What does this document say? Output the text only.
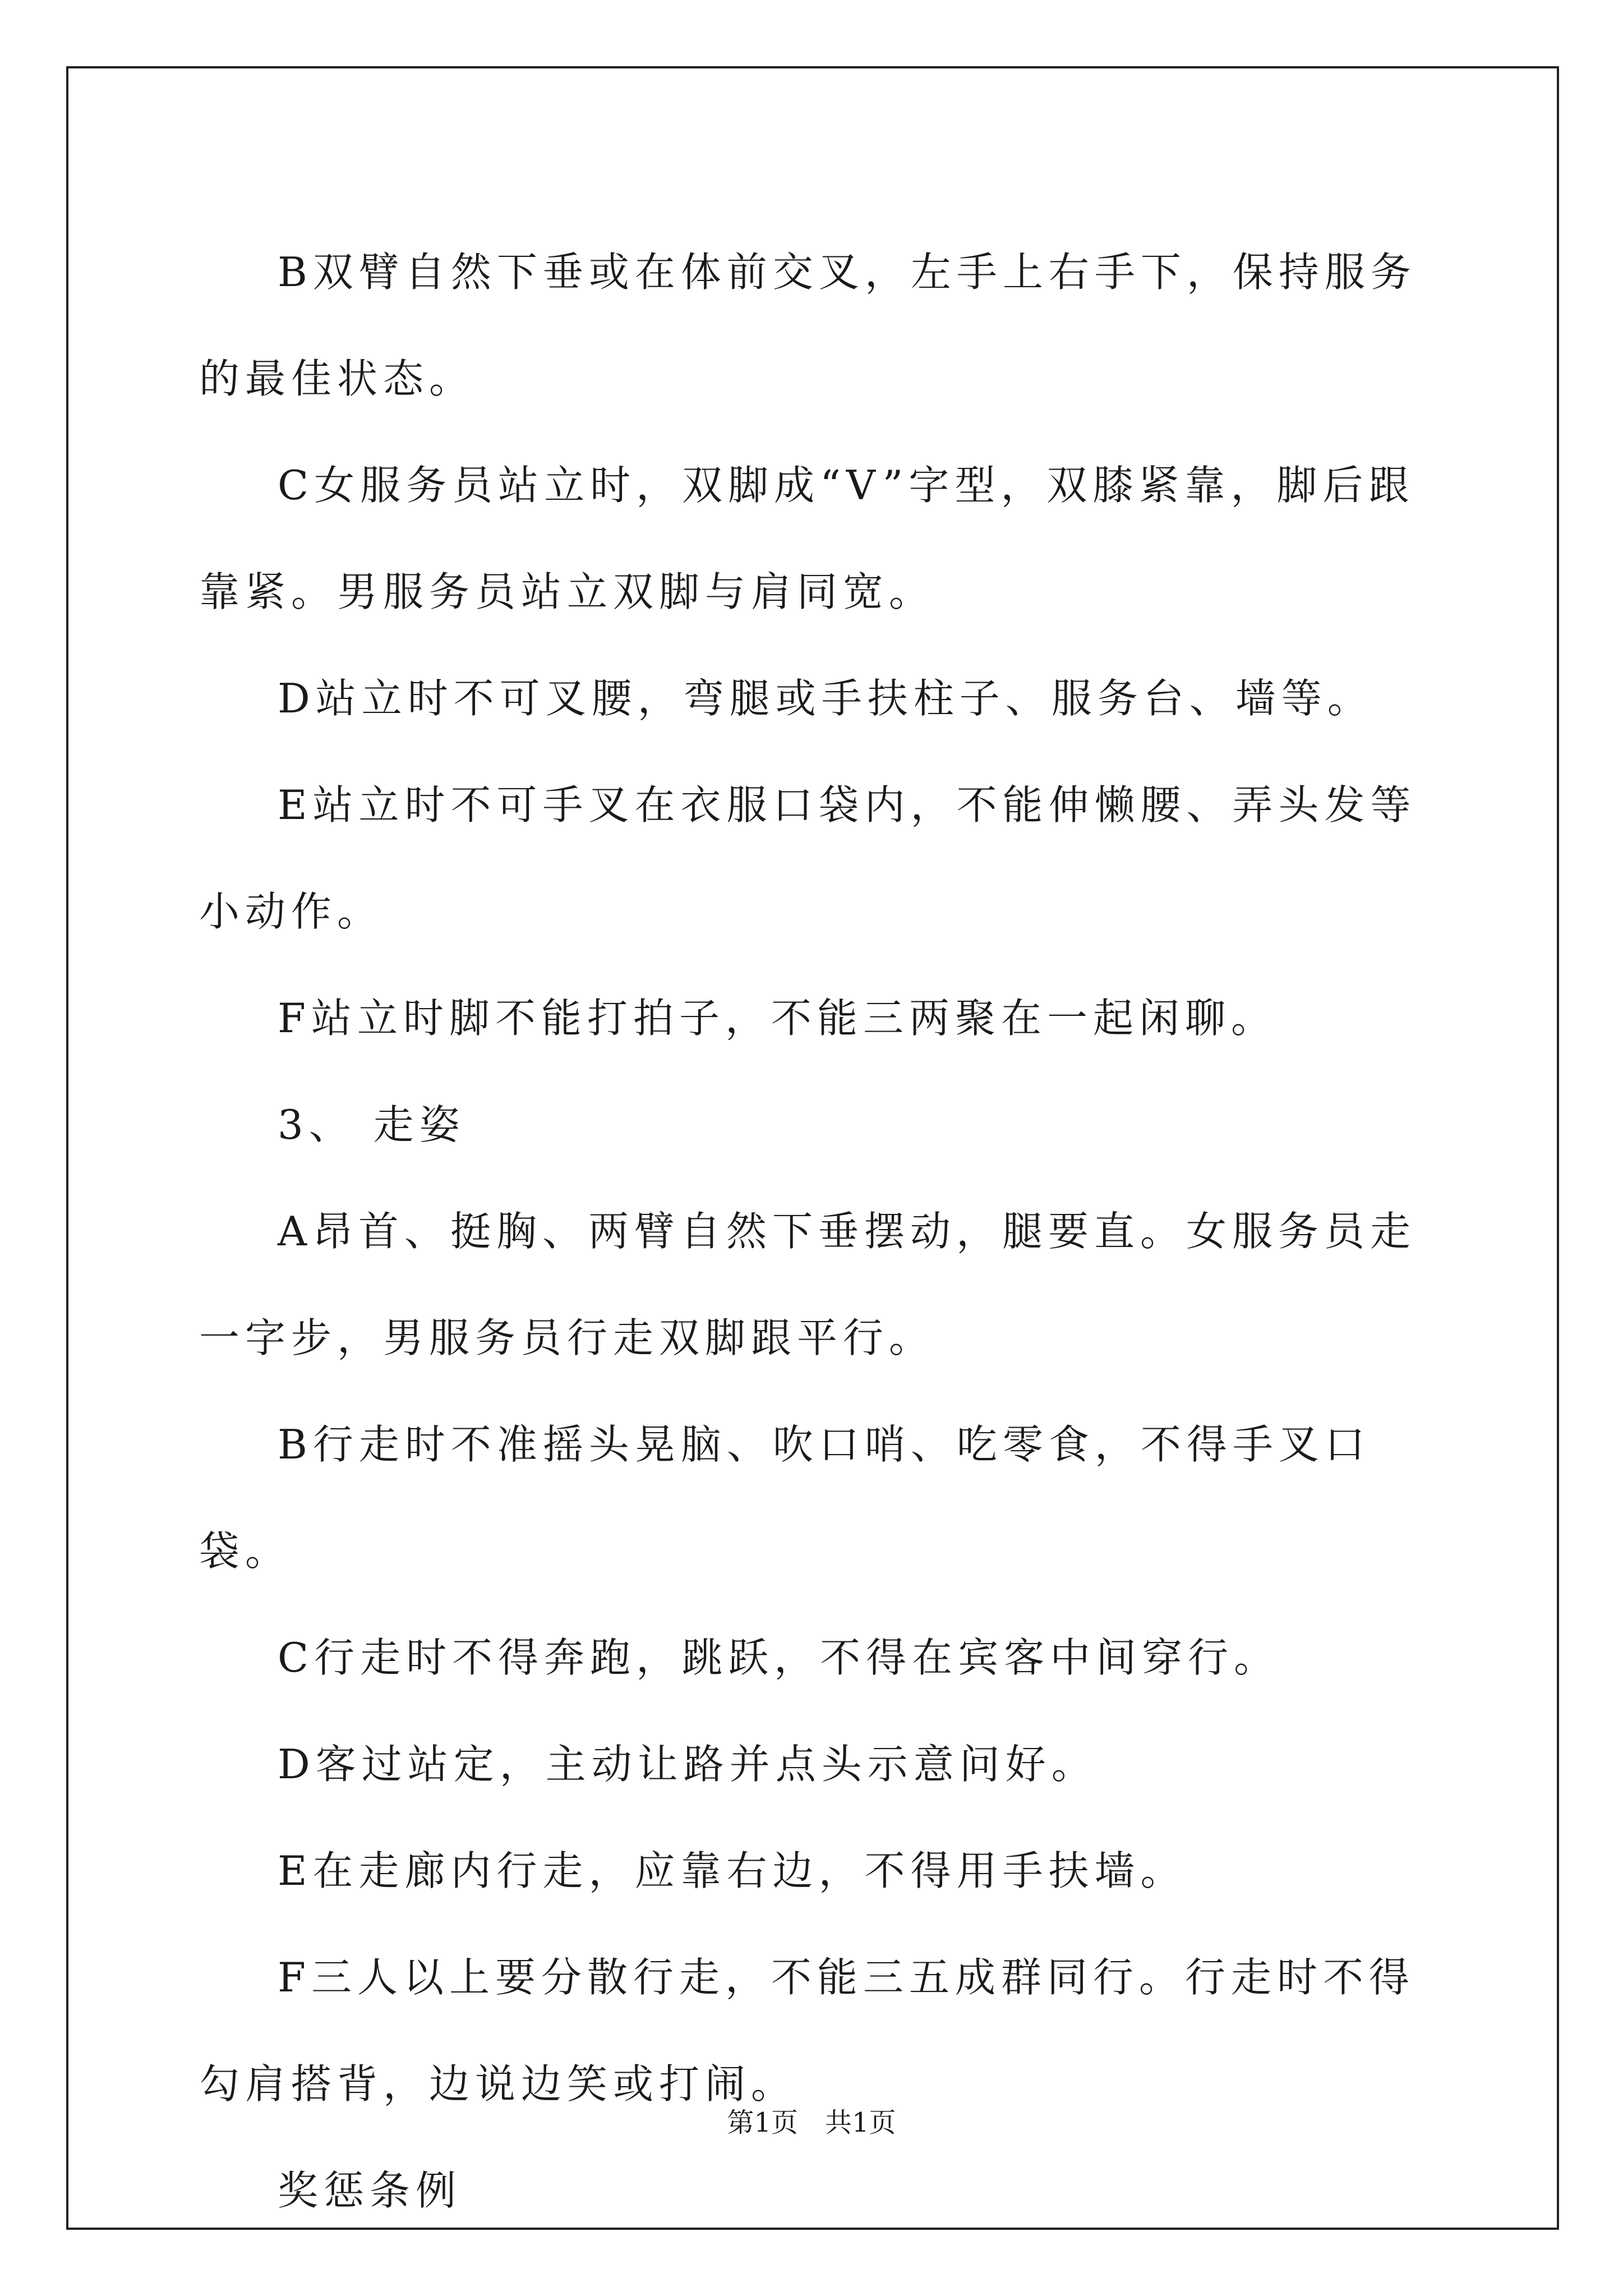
B双臂自然下垂或在体前交叉，左手上右手下，保持服务的最佳状态。

C女服务员站立时，双脚成“V”字型，双膝紧靠，脚后跟靠紧。男服务员站立双脚与肩同宽。

D站立时不可叉腰，弯腿或手扶柱子、服务台、墙等。

E站立时不可手叉在衣服口袋内，不能伸懒腰、弄头发等小动作。

F站立时脚不能打拍子，不能三两聚在一起闲聊。

3、 走姿

A昂首、挺胸、两臂自然下垂摆动，腿要直。女服务员走一字步，男服务员行走双脚跟平行。

B行走时不准摇头晃脑、吹口哨、吃零食，不得手叉口袋。

C行走时不得奔跑，跳跃，不得在宾客中间穿行。

D客过站定，主动让路并点头示意问好。

E在走廊内行走，应靠右边，不得用手扶墙。

F三人以上要分散行走，不能三五成群同行。行走时不得勾肩搭背，边说边笑或打闹。

奖惩条例

第1页 共1页
